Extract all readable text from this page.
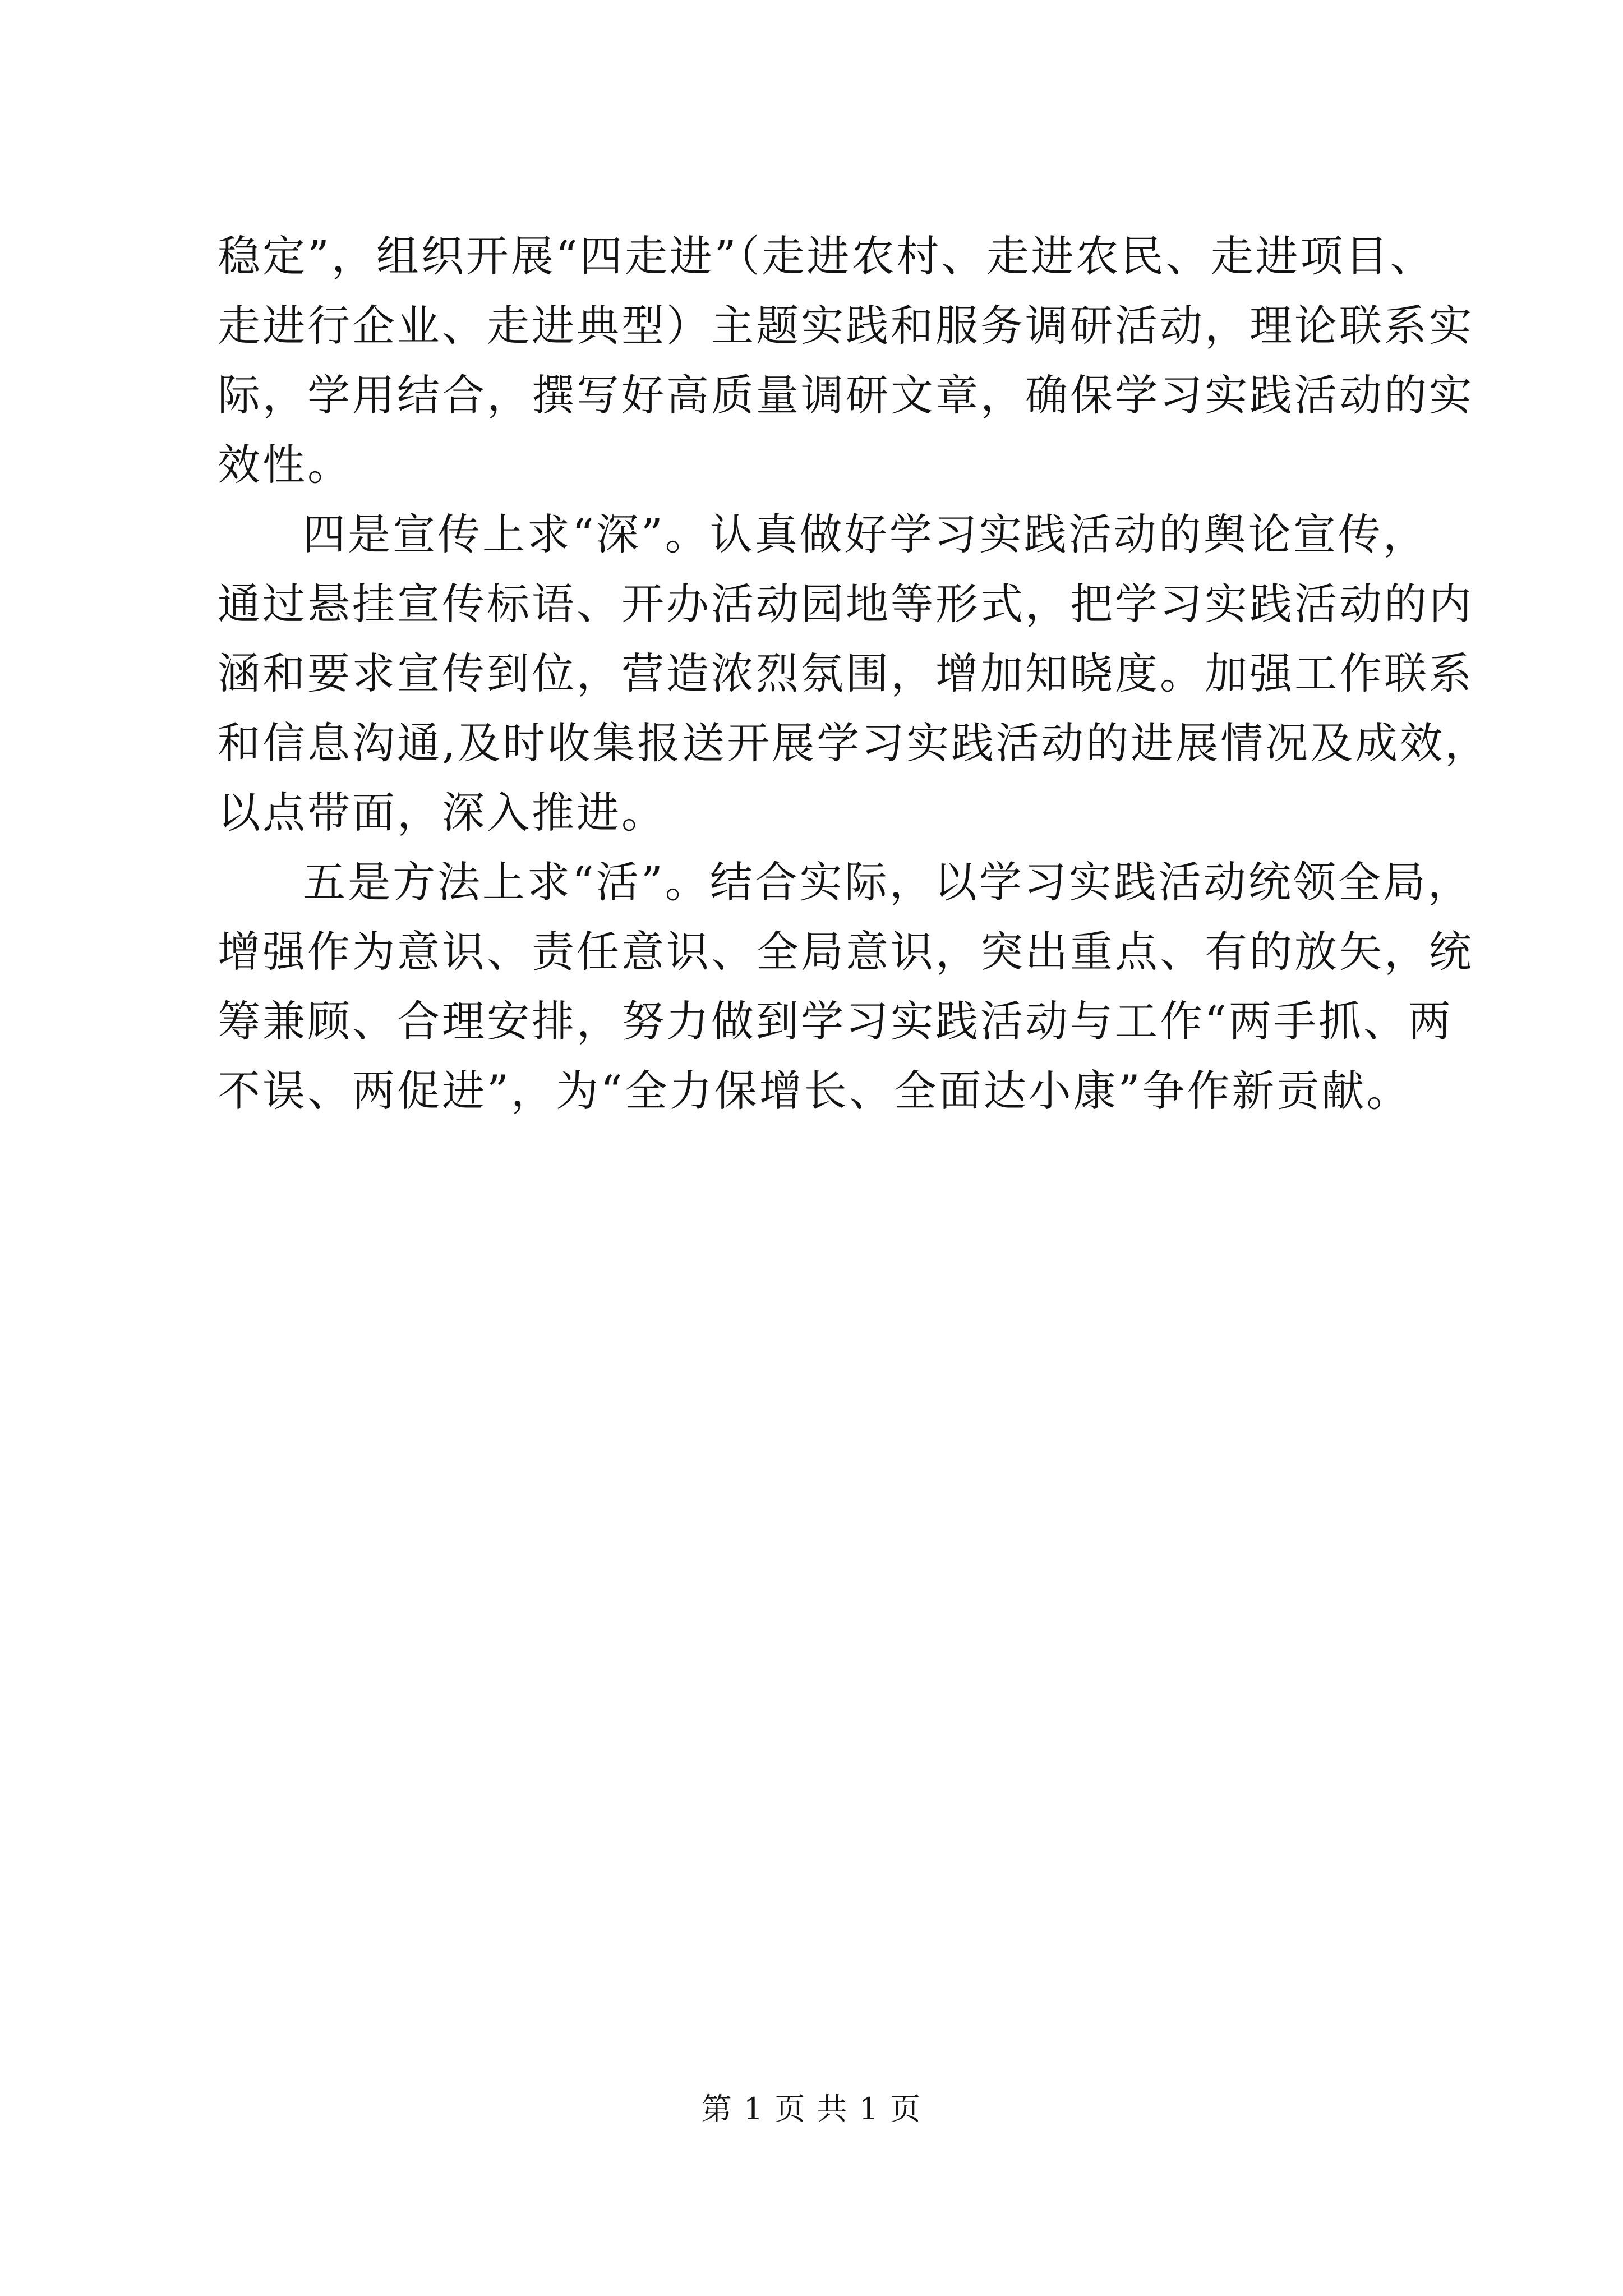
稳定”，组织开展“四走进”（走进农村、走进农民、走进项目、
走进行企业、走进典型）主题实践和服务调研活动，理论联系实
际，学用结合，撰写好高质量调研文章，确保学习实践活动的实
效性。
四是宣传上求“深”。认真做好学习实践活动的舆论宣传，
通过悬挂宣传标语、开办活动园地等形式，把学习实践活动的内
涵和要求宣传到位，营造浓烈氛围，增加知晓度。加强工作联系
和信息沟通,及时收集报送开展学习实践活动的进展情况及成效，
以点带面，深入推进。
五是方法上求“活”。结合实际，以学习实践活动统领全局，
增强作为意识、责任意识、全局意识，突出重点、有的放矢，统
筹兼顾、合理安排，努力做到学习实践活动与工作“两手抓、两
不误、两促进”，为“全力保增长、全面达小康”争作新贡献。
第 1 页 共 1 页
